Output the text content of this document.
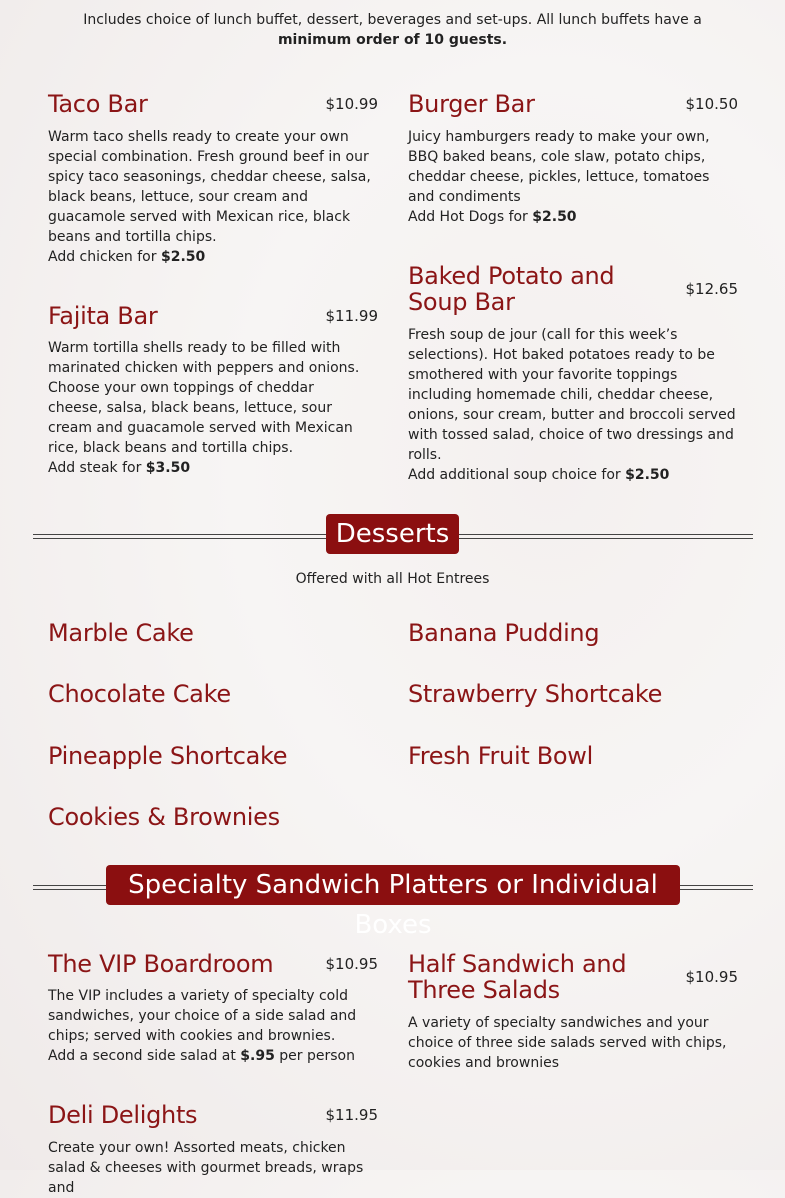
Includes choice of lunch buffet, dessert, beverages and set-ups. All lunch buffets have a
minimum order of 10 guests.
Taco Bar	$10.99
Warm taco shells ready to create your own special combination. Fresh ground beef in our spicy taco seasonings, cheddar cheese, salsa, black beans, lettuce, sour cream and guacamole served with Mexican rice, black beans and tortilla chips.
Add chicken for $2.50
Burger Bar	$10.50
Juicy hamburgers ready to make your own, BBQ baked beans, cole slaw, potato chips, cheddar cheese, pickles, lettuce, tomatoes and condiments
Add Hot Dogs for $2.50
Fajita Bar	$11.99
Warm tortilla shells ready to be filled with marinated chicken with peppers and onions. Choose your own toppings of cheddar cheese, salsa, black beans, lettuce, sour cream and guacamole served with Mexican rice, black beans and tortilla chips.
Add steak for $3.50
Baked Potato and Soup Bar	$12.65
Fresh soup de jour (call for this week’s selections). Hot baked potatoes ready to be smothered with your favorite toppings including homemade chili, cheddar cheese, onions, sour cream, butter and broccoli served with tossed salad, choice of two dressings and rolls.
Add additional soup choice for $2.50
Desserts
Offered with all Hot Entrees
Marble Cake	Banana Pudding
Chocolate Cake	Strawberry Shortcake
Pineapple Shortcake	Fresh Fruit Bowl
Cookies & Brownies
Specialty Sandwich Platters or Individual Boxes
The VIP Boardroom	$10.95
The VIP includes a variety of specialty cold sandwiches, your choice of a side salad and chips; served with cookies and brownies.
Add a second side salad at $.95 per person
Half Sandwich and Three Salads	$10.95
A variety of specialty sandwiches and your choice of three side salads served with chips, cookies and brownies
Deli Delights	$11.95
Create your own! Assorted meats, chicken salad & cheeses with gourmet breads, wraps and
